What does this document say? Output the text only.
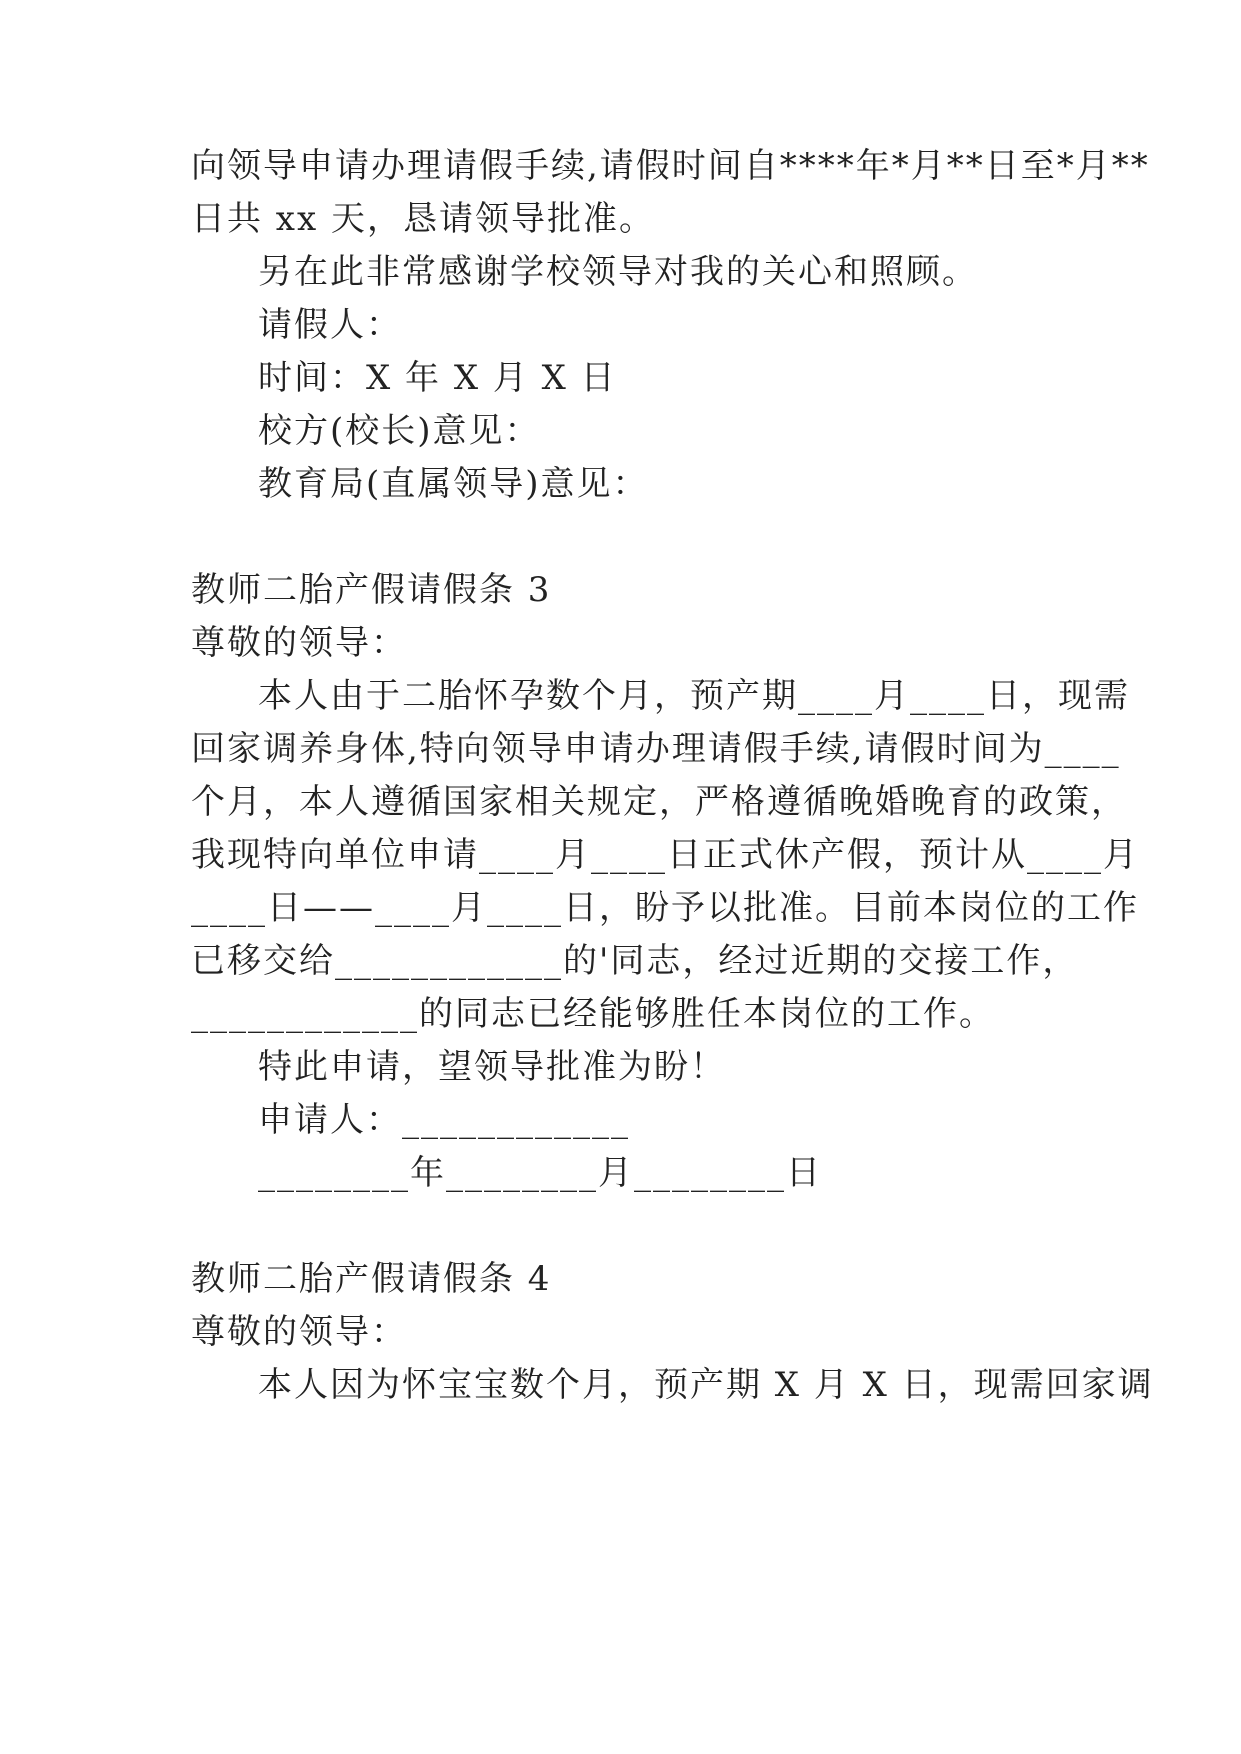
向领导申请办理请假手续,请假时间自****年*月**日至*月**
日共 xx 天，恳请领导批准。
另在此非常感谢学校领导对我的关心和照顾。
请假人：
时间：X 年 X 月 X 日
校方(校长)意见：
教育局(直属领导)意见：
教师二胎产假请假条 3
尊敬的领导：
本人由于二胎怀孕数个月，预产期____月____日，现需
回家调养身体,特向领导申请办理请假手续,请假时间为____
个月，本人遵循国家相关规定，严格遵循晚婚晚育的政策，
我现特向单位申请____月____日正式休产假，预计从____月
____日——____月____日，盼予以批准。目前本岗位的工作
已移交给____________的'同志，经过近期的交接工作，
____________的同志已经能够胜任本岗位的工作。
特此申请，望领导批准为盼！
申请人：____________
________年________月________日
教师二胎产假请假条 4
尊敬的领导：
本人因为怀宝宝数个月，预产期 X 月 X 日，现需回家调
